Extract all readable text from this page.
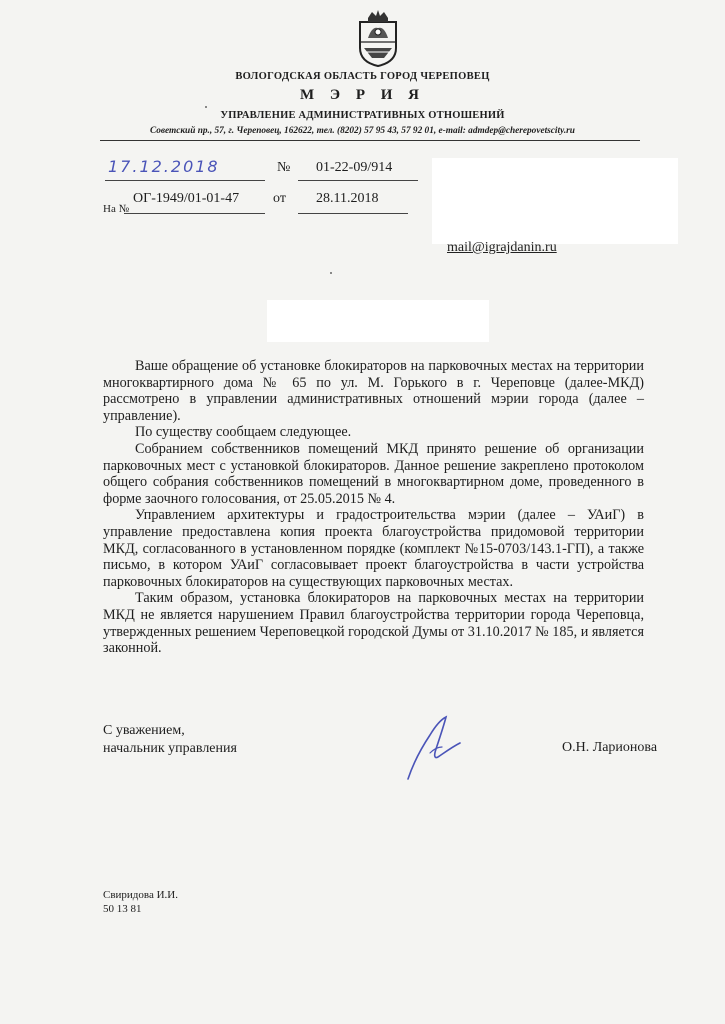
ВОЛОГОДСКАЯ ОБЛАСТЬ ГОРОД ЧЕРЕПОВЕЦ
М Э Р И Я
УПРАВЛЕНИЕ АДМИНИСТРАТИВНЫХ ОТНОШЕНИЙ
Советский пр., 57, г. Череповец, 162622, тел. (8202) 57 95 43, 57 92 01, e-mail: admdep@cherepovetscity.ru
17.12.2018	№ 01-22-09/914
На №
ОГ-1949/01-01-47 от 28.11.2018
mail@igrajdanin.ru

Ваше обращение об установке блокираторов на парковочных местах на территории многоквартирного дома № 65 по ул. М. Горького в г. Череповце (далее-МКД) рассмотрено в управлении административных отношений мэрии города (далее – управление).

По существу сообщаем следующее.

Собранием собственников помещений МКД принято решение об организации парковочных мест с установкой блокираторов. Данное решение закреплено протоколом общего собрания собственников помещений в многоквартирном доме, проведенного в форме заочного голосования, от 25.05.2015 № 4.

Управлением архитектуры и градостроительства мэрии (далее – УАиГ) в управление предоставлена копия проекта благоустройства придомовой территории МКД, согласованного в установленном порядке (комплект №15-0703/143.1-ГП), а также письмо, в котором УАиГ согласовывает проект благоустройства в части устройства парковочных блокираторов на существующих парковочных местах.

Таким образом, установка блокираторов на парковочных местах на территории МКД не является нарушением Правил благоустройства территории города Череповца, утвержденных решением Череповецкой городской Думы от 31.10.2017 № 185, и является законной.

С уважением,
начальник управления	О.Н. Ларионова
Свиридова И.И.
50 13 81
